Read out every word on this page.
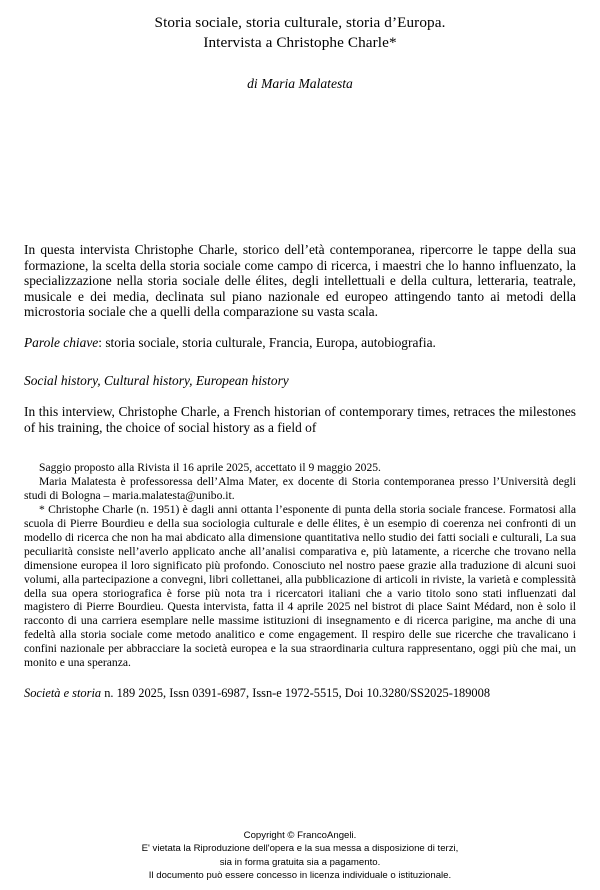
Storia sociale, storia culturale, storia d’Europa.
Intervista a Christophe Charle*
di Maria Malatesta
In questa intervista Christophe Charle, storico dell’età contemporanea, ripercorre le tappe della sua formazione, la scelta della storia sociale come campo di ricerca, i maestri che lo hanno influenzato, la specializzazione nella storia sociale delle élites, degli intellettuali e della cultura, letteraria, teatrale, musicale e dei media, declinata sul piano nazionale ed europeo attingendo tanto ai metodi della microstoria sociale che a quelli della comparazione su vasta scala.
Parole chiave: storia sociale, storia culturale, Francia, Europa, autobiografia.
Social history, Cultural history, European history
In this interview, Christophe Charle, a French historian of contemporary times, retraces the milestones of his training, the choice of social history as a field of

Saggio proposto alla Rivista il 16 aprile 2025, accettato il 9 maggio 2025.

Maria Malatesta è professoressa dell’Alma Mater, ex docente di Storia contemporanea presso l’Università degli studi di Bologna – maria.malatesta@unibo.it.

* Christophe Charle (n. 1951) è dagli anni ottanta l’esponente di punta della storia sociale francese. Formatosi alla scuola di Pierre Bourdieu e della sua sociologia culturale e delle élites, è un esempio di coerenza nei confronti di un modello di ricerca che non ha mai abdicato alla dimensione quantitativa nello studio dei fatti sociali e culturali, La sua peculiarità consiste nell’averlo applicato anche all’analisi comparativa e, più latamente, a ricerche che trovano nella dimensione europea il loro significato più profondo. Conosciuto nel nostro paese grazie alla traduzione di alcuni suoi volumi, alla partecipazione a convegni, libri collettanei, alla pubblicazione di articoli in riviste, la varietà e complessità della sua opera storiografica è forse più nota tra i ricercatori italiani che a vario titolo sono stati influenzati dal magistero di Pierre Bourdieu. Questa intervista, fatta il 4 aprile 2025 nel bistrot di place Saint Médard, non è solo il racconto di una carriera esemplare nelle massime istituzioni di insegnamento e di ricerca parigine, ma anche di una fedeltà alla storia sociale come metodo analitico e come engagement. Il respiro delle sue ricerche che travalicano i confini nazionale per abbracciare la società europea e la sua straordinaria cultura rappresentano, oggi più che mai, un monito e una speranza.

Società e storia n. 189 2025, Issn 0391-6987, Issn-e 1972-5515, Doi 10.3280/SS2025-189008
Copyright © FrancoAngeli.
E' vietata la Riproduzione dell'opera e la sua messa a disposizione di terzi,
sia in forma gratuita sia a pagamento.
Il documento può essere concesso in licenza individuale o istituzionale.
